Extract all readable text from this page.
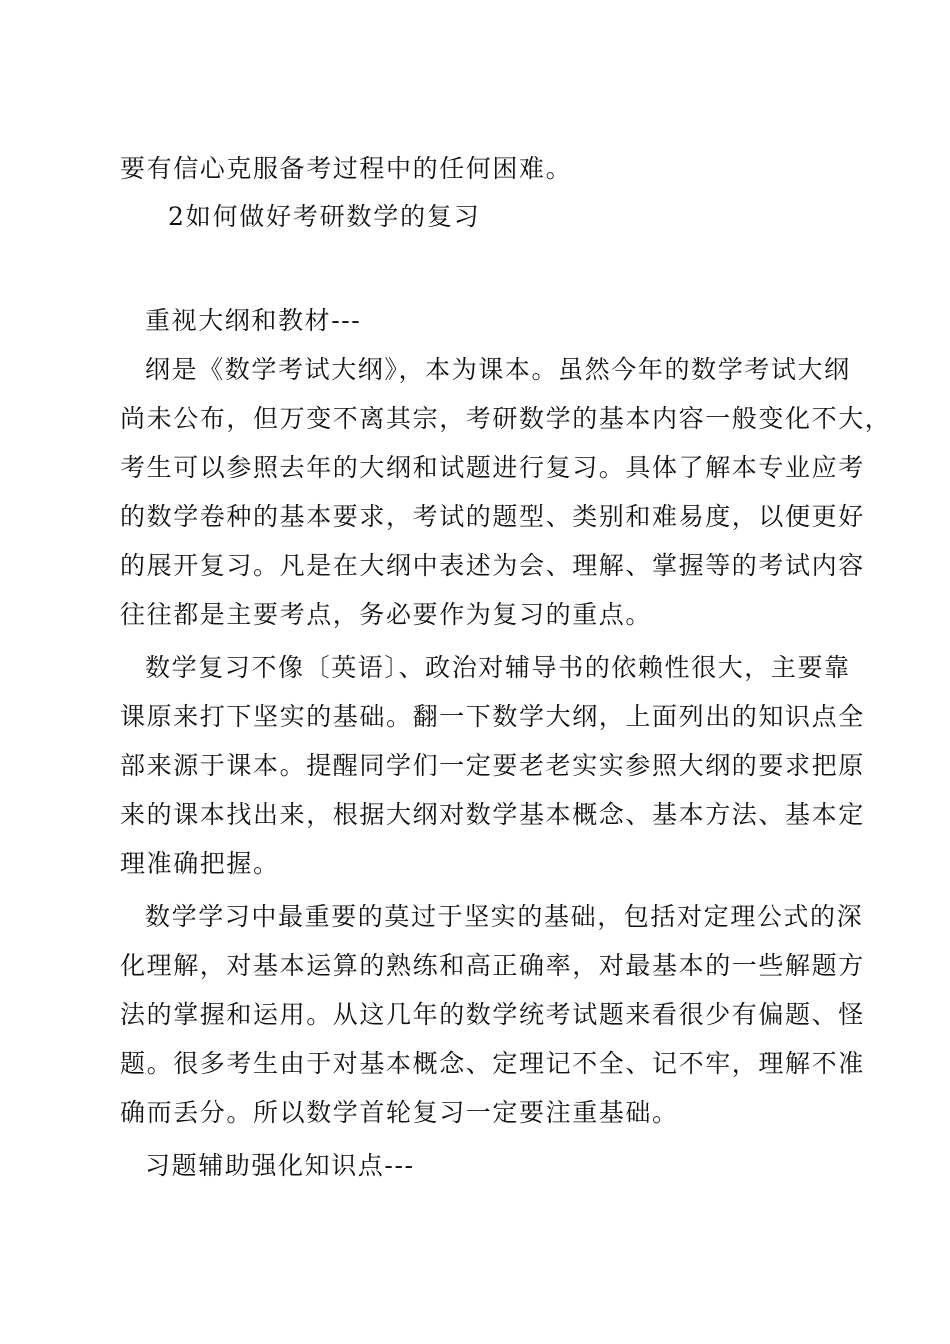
要有信心克服备考过程中的任何困难。

2如何做好考研数学的复习

重视大纲和教材---

纲是《数学考试大纲》，本为课本。虽然今年的数学考试大纲

尚未公布，但万变不离其宗，考研数学的基本内容一般变化不大，

考生可以参照去年的大纲和试题进行复习。具体了解本专业应考

的数学卷种的基本要求，考试的题型、类别和难易度，以便更好

的展开复习。凡是在大纲中表述为会、理解、掌握等的考试内容

往往都是主要考点，务必要作为复习的重点。

数学复习不像〔英语〕、政治对辅导书的依赖性很大，主要靠

课原来打下坚实的基础。翻一下数学大纲，上面列出的知识点全

部来源于课本。提醒同学们一定要老老实实参照大纲的要求把原

来的课本找出来，根据大纲对数学基本概念、基本方法、基本定

理准确把握。

数学学习中最重要的莫过于坚实的基础，包括对定理公式的深

化理解，对基本运算的熟练和高正确率，对最基本的一些解题方

法的掌握和运用。从这几年的数学统考试题来看很少有偏题、怪

题。很多考生由于对基本概念、定理记不全、记不牢，理解不准

确而丢分。所以数学首轮复习一定要注重基础。

习题辅助强化知识点---
